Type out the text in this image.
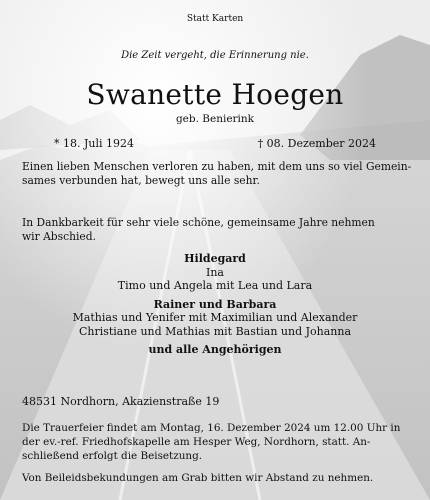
Statt Karten
Die Zeit vergeht, die Erinnerung nie.
Swanette Hoegen
geb. Benierink
* 18. Juli 1924	† 08. Dezember 2024
Einen lieben Menschen verloren zu haben, mit dem uns so viel Gemein-
sames verbunden hat, bewegt uns alle sehr.
In Dankbarkeit für sehr viele schöne, gemeinsame Jahre nehmen
wir Abschied.
Hildegard
Ina
Timo und Angela mit Lea und Lara
Rainer und Barbara
Mathias und Yenifer mit Maximilian und Alexander
Christiane und Mathias mit Bastian und Johanna
und alle Angehörigen
48531 Nordhorn, Akazienstraße 19
Die Trauerfeier findet am Montag, 16. Dezember 2024 um 12.00 Uhr in
der ev.-ref. Friedhofskapelle am Hesper Weg, Nordhorn, statt. An-
schließend erfolgt die Beisetzung.
Von Beileidsbekundungen am Grab bitten wir Abstand zu nehmen.
